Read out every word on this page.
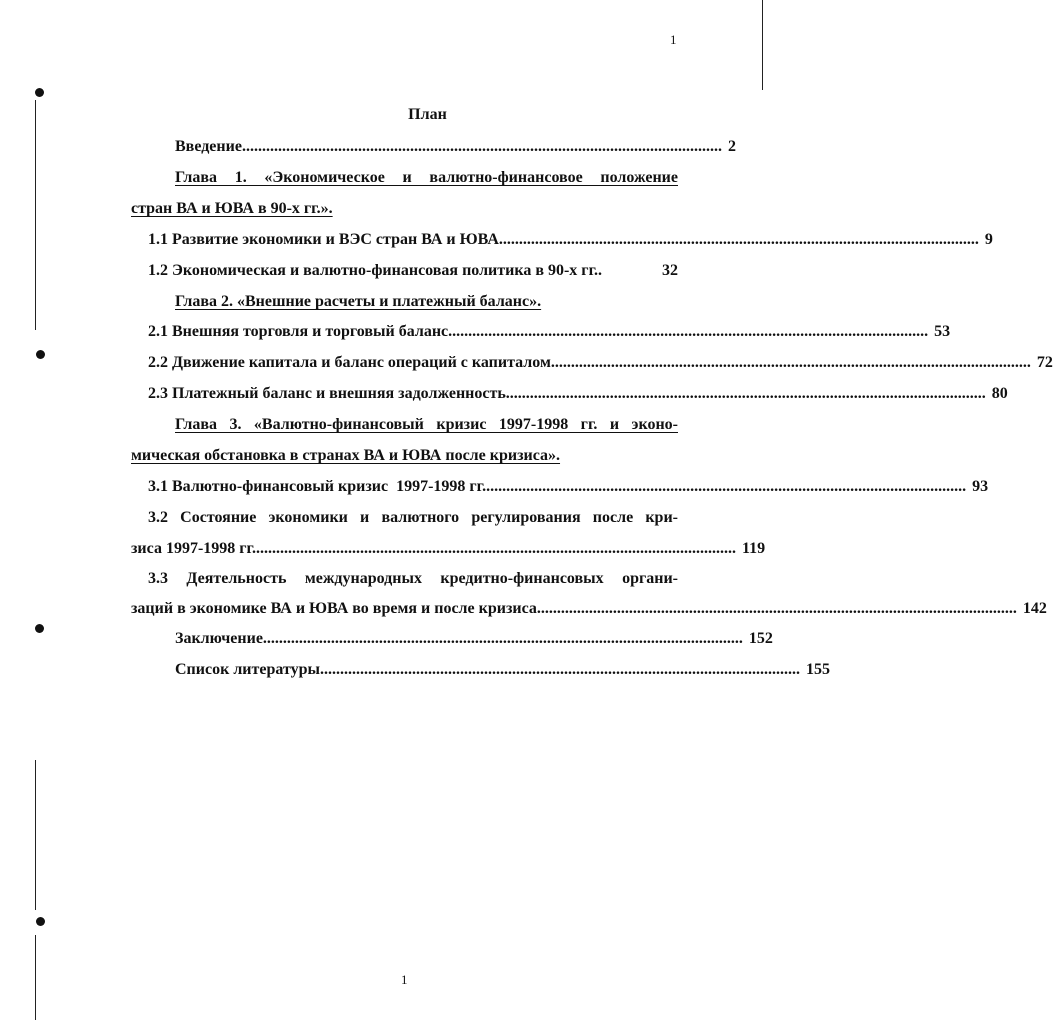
1
План
Введение ........................................................................................................................ 2
Глава 1. «Экономическое и валютно-финансовое положение
стран ВА и ЮВА в 90-х гг.».
1.1 Развитие экономики и ВЭС стран ВА и ЮВА ........................................................................................................................ 9
1.2 Экономическая и валютно-финансовая политика в 90-х гг..	32
Глава 2. «Внешние расчеты и платежный баланс».
2.1 Внешняя торговля и торговый баланс ........................................................................................................................ 53
2.2 Движение капитала и баланс операций с капиталом ........................................................................................................................ 72
2.3 Платежный баланс и внешняя задолженность ........................................................................................................................ 80
Глава 3. «Валютно-финансовый кризис 1997-1998 гг. и эконо-
мическая обстановка в странах ВА и ЮВА после кризиса».
3.1 Валютно-финансовый кризис  1997-1998 гг. ........................................................................................................................ 93
3.2 Состояние экономики и валютного регулирования после кри-
зиса 1997-1998 гг. ........................................................................................................................ 119
3.3 Деятельность международных кредитно-финансовых органи-
заций в экономике ВА и ЮВА во время и после кризиса ........................................................................................................................ 142
Заключение ........................................................................................................................ 152
Список литературы ........................................................................................................................ 155
1
